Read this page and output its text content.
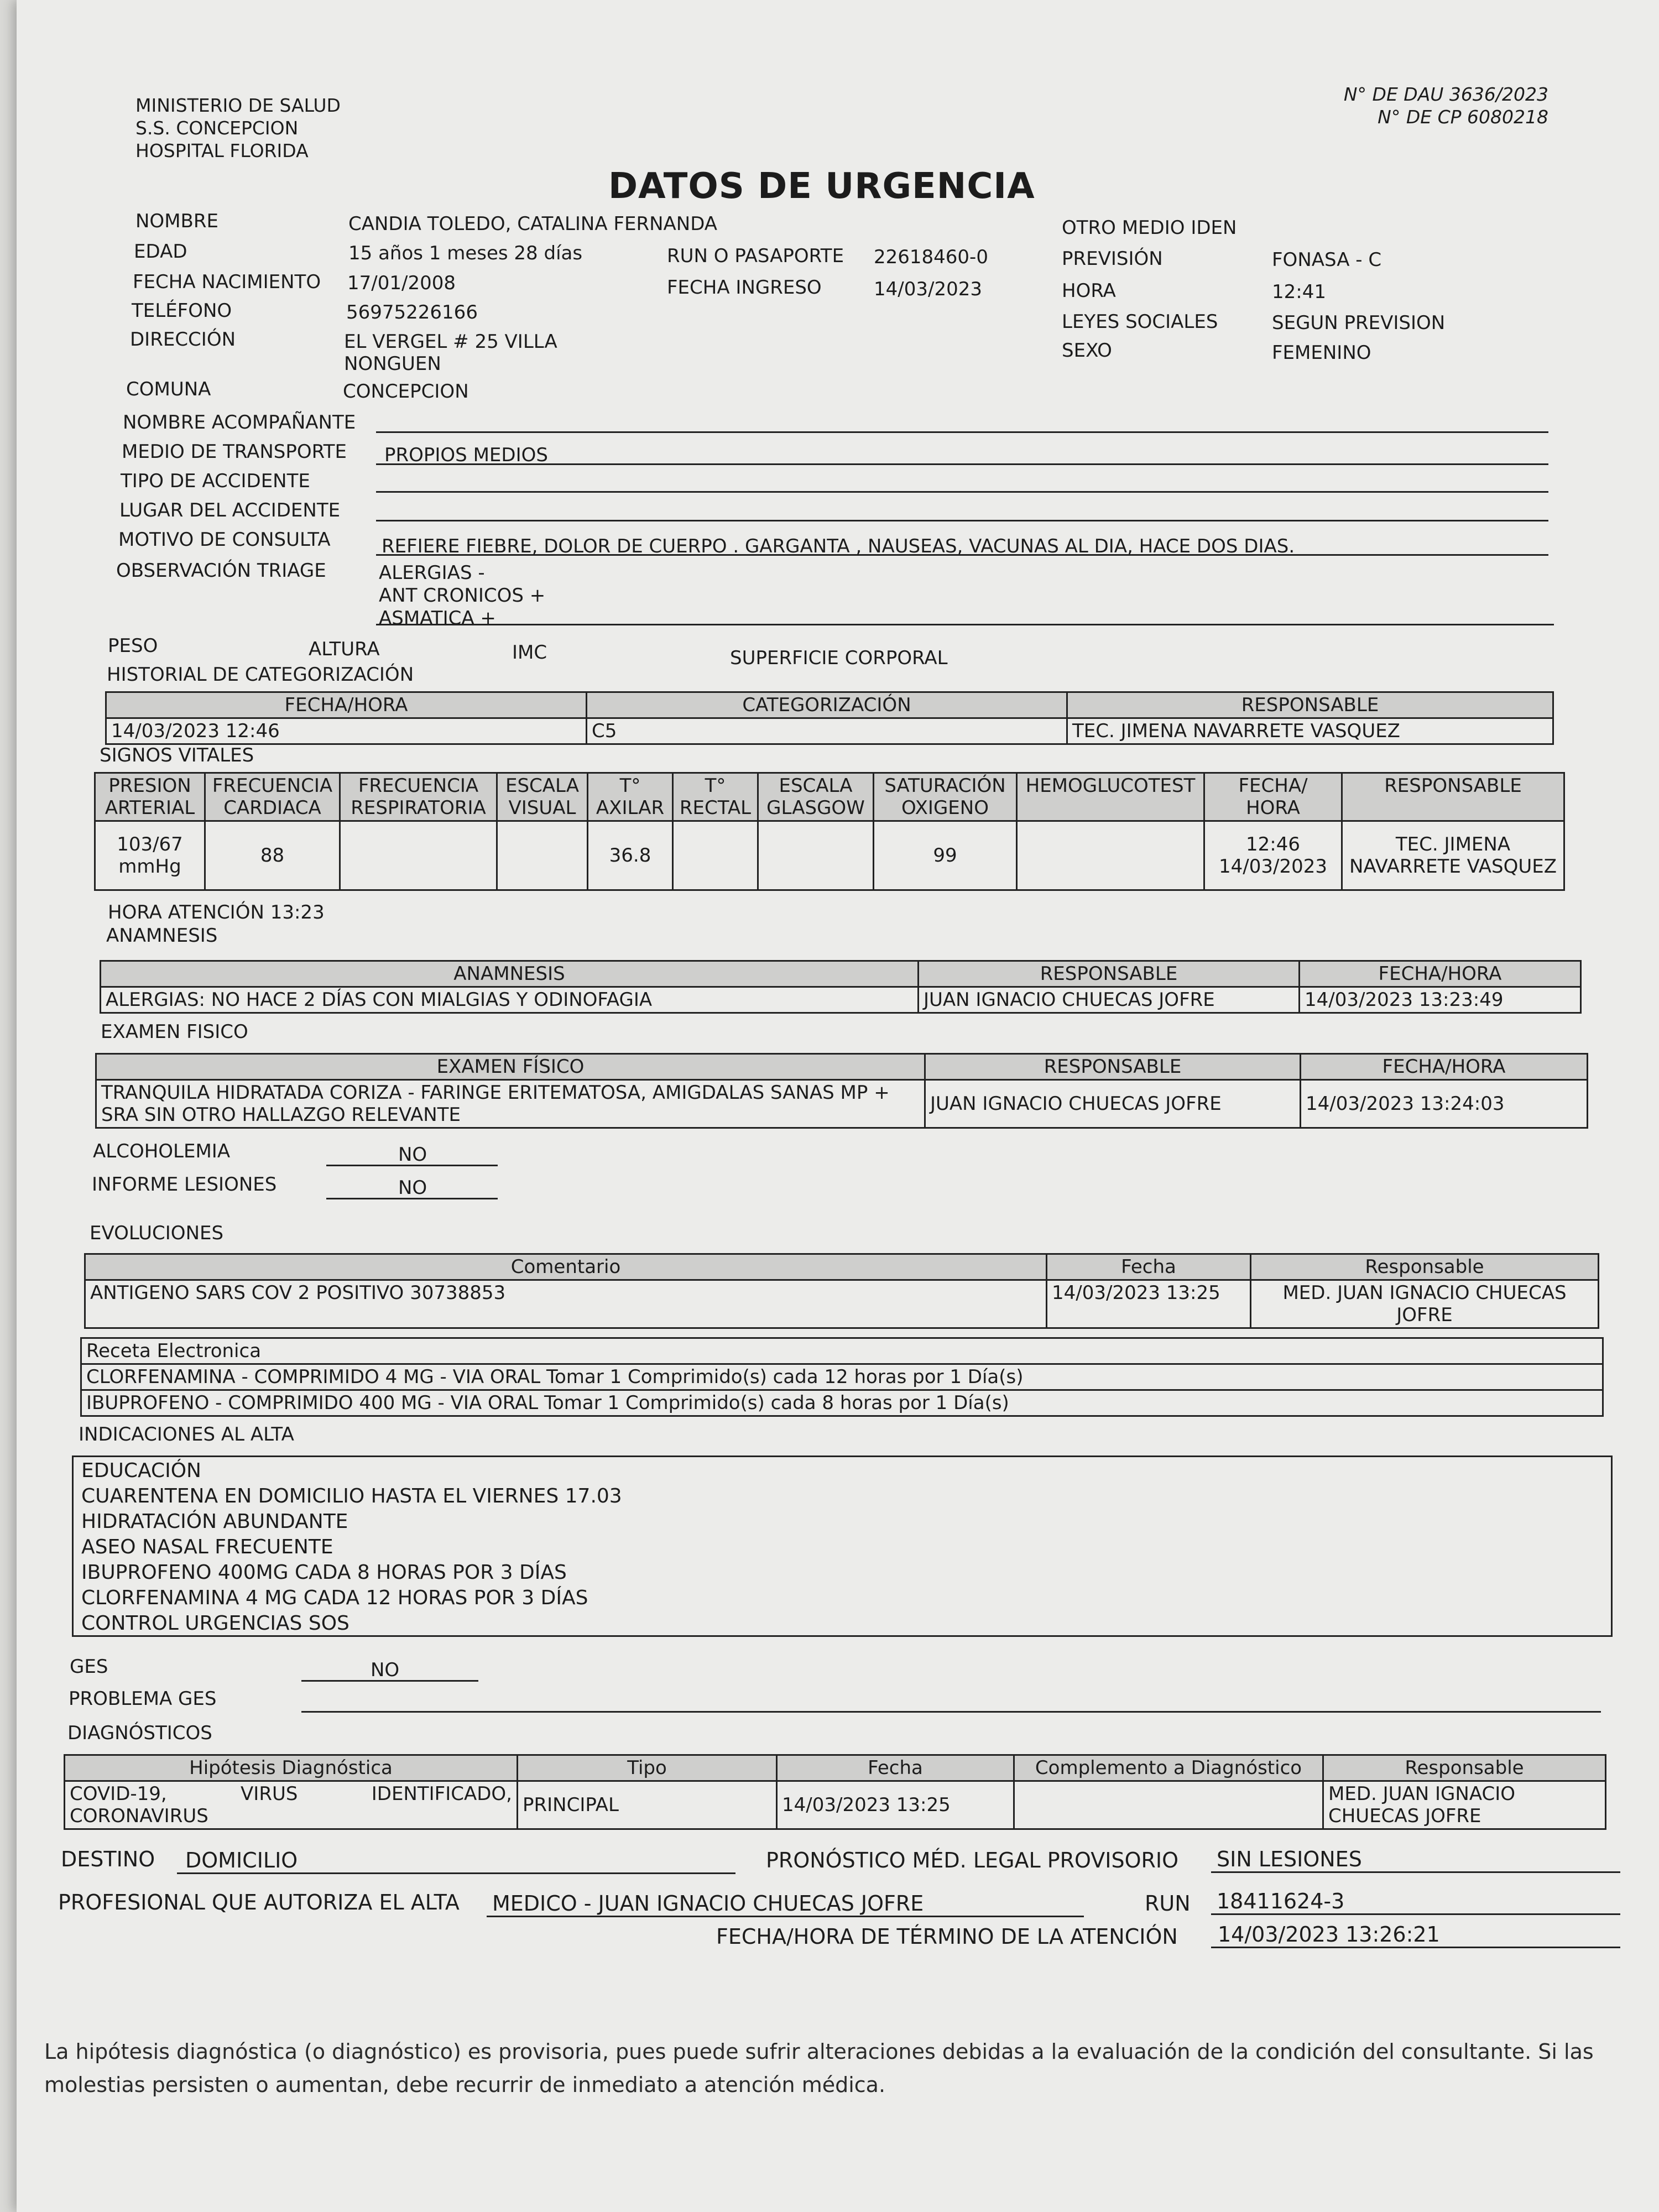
MINISTERIO DE SALUD
S.S. CONCEPCION
HOSPITAL FLORIDA
N° DE DAU 3636/2023
N° DE CP 6080218
DATOS DE URGENCIA
NOMBRE	CANDIA TOLEDO, CATALINA FERNANDA
EDAD	15 años 1 meses 28 días
FECHA NACIMIENTO 17/01/2008
TELÉFONO	56975226166
DIRECCIÓN	EL VERGEL # 25 VILLA
NONGUEN
COMUNA	CONCEPCION
RUN O PASAPORTE 22618460-0
FECHA INGRESO	14/03/2023
OTRO MEDIO IDEN
PREVISIÓN	FONASA - C
HORA	12:41
LEYES SOCIALES	SEGUN PREVISION
SEXO	FEMENINO
NOMBRE ACOMPAÑANTE
MEDIO DE TRANSPORTE PROPIOS MEDIOS
TIPO DE ACCIDENTE
LUGAR DEL ACCIDENTE
MOTIVO DE CONSULTA	REFIERE FIEBRE, DOLOR DE CUERPO . GARGANTA , NAUSEAS, VACUNAS AL DIA, HACE DOS DIAS.
OBSERVACIÓN TRIAGE	ALERGIAS -
ANT CRONICOS +
ASMATICA +
PESO	ALTURA	IMC	SUPERFICIE CORPORAL
HISTORIAL DE CATEGORIZACIÓN
FECHA/HORA	CATEGORIZACIÓN	RESPONSABLE
14/03/2023 12:46	C5	TEC. JIMENA NAVARRETE VASQUEZ
SIGNOS VITALES
PRESION ARTERIAL	FRECUENCIA CARDIACA	FRECUENCIA RESPIRATORIA	ESCALA VISUAL	T° AXILAR	T° RECTAL	ESCALA GLASGOW	SATURACIÓN OXIGENO	HEMOGLUCOTEST	FECHA/ HORA	RESPONSABLE
103/67 mmHg	88			36.8			99		12:46 14/03/2023	TEC. JIMENA NAVARRETE VASQUEZ
HORA ATENCIÓN 13:23
ANAMNESIS
ANAMNESIS	RESPONSABLE	FECHA/HORA
ALERGIAS: NO HACE 2 DÍAS CON MIALGIAS Y ODINOFAGIA	JUAN IGNACIO CHUECAS JOFRE	14/03/2023 13:23:49
EXAMEN FISICO
EXAMEN FÍSICO	RESPONSABLE	FECHA/HORA
TRANQUILA HIDRATADA CORIZA - FARINGE ERITEMATOSA, AMIGDALAS SANAS MP + SRA SIN OTRO HALLAZGO RELEVANTE	JUAN IGNACIO CHUECAS JOFRE	14/03/2023 13:24:03
ALCOHOLEMIA	NO
INFORME LESIONES	NO
EVOLUCIONES
Comentario	Fecha	Responsable
ANTIGENO SARS COV 2 POSITIVO 30738853	14/03/2023 13:25	MED. JUAN IGNACIO CHUECAS JOFRE
Receta Electronica
CLORFENAMINA - COMPRIMIDO 4 MG - VIA ORAL Tomar 1 Comprimido(s) cada 12 horas por 1 Día(s)
IBUPROFENO - COMPRIMIDO 400 MG - VIA ORAL Tomar 1 Comprimido(s) cada 8 horas por 1 Día(s)
INDICACIONES AL ALTA
EDUCACIÓN
CUARENTENA EN DOMICILIO HASTA EL VIERNES 17.03
HIDRATACIÓN ABUNDANTE
ASEO NASAL FRECUENTE
IBUPROFENO 400MG CADA 8 HORAS POR 3 DÍAS
CLORFENAMINA 4 MG CADA 12 HORAS POR 3 DÍAS
CONTROL URGENCIAS SOS
GES	NO
PROBLEMA GES
DIAGNÓSTICOS
Hipótesis Diagnóstica	Tipo	Fecha	Complemento a Diagnóstico	Responsable
COVID-19, VIRUS IDENTIFICADO, CORONAVIRUS	PRINCIPAL	14/03/2023 13:25		MED. JUAN IGNACIO CHUECAS JOFRE
DESTINO DOMICILIO	PRONÓSTICO MÉD. LEGAL PROVISORIO SIN LESIONES
PROFESIONAL QUE AUTORIZA EL ALTA MEDICO - JUAN IGNACIO CHUECAS JOFRE	RUN 18411624-3
FECHA/HORA DE TÉRMINO DE LA ATENCIÓN 14/03/2023 13:26:21
La hipótesis diagnóstica (o diagnóstico) es provisoria, pues puede sufrir alteraciones debidas a la evaluación de la condición del consultante. Si las molestias persisten o aumentan, debe recurrir de inmediato a atención médica.
